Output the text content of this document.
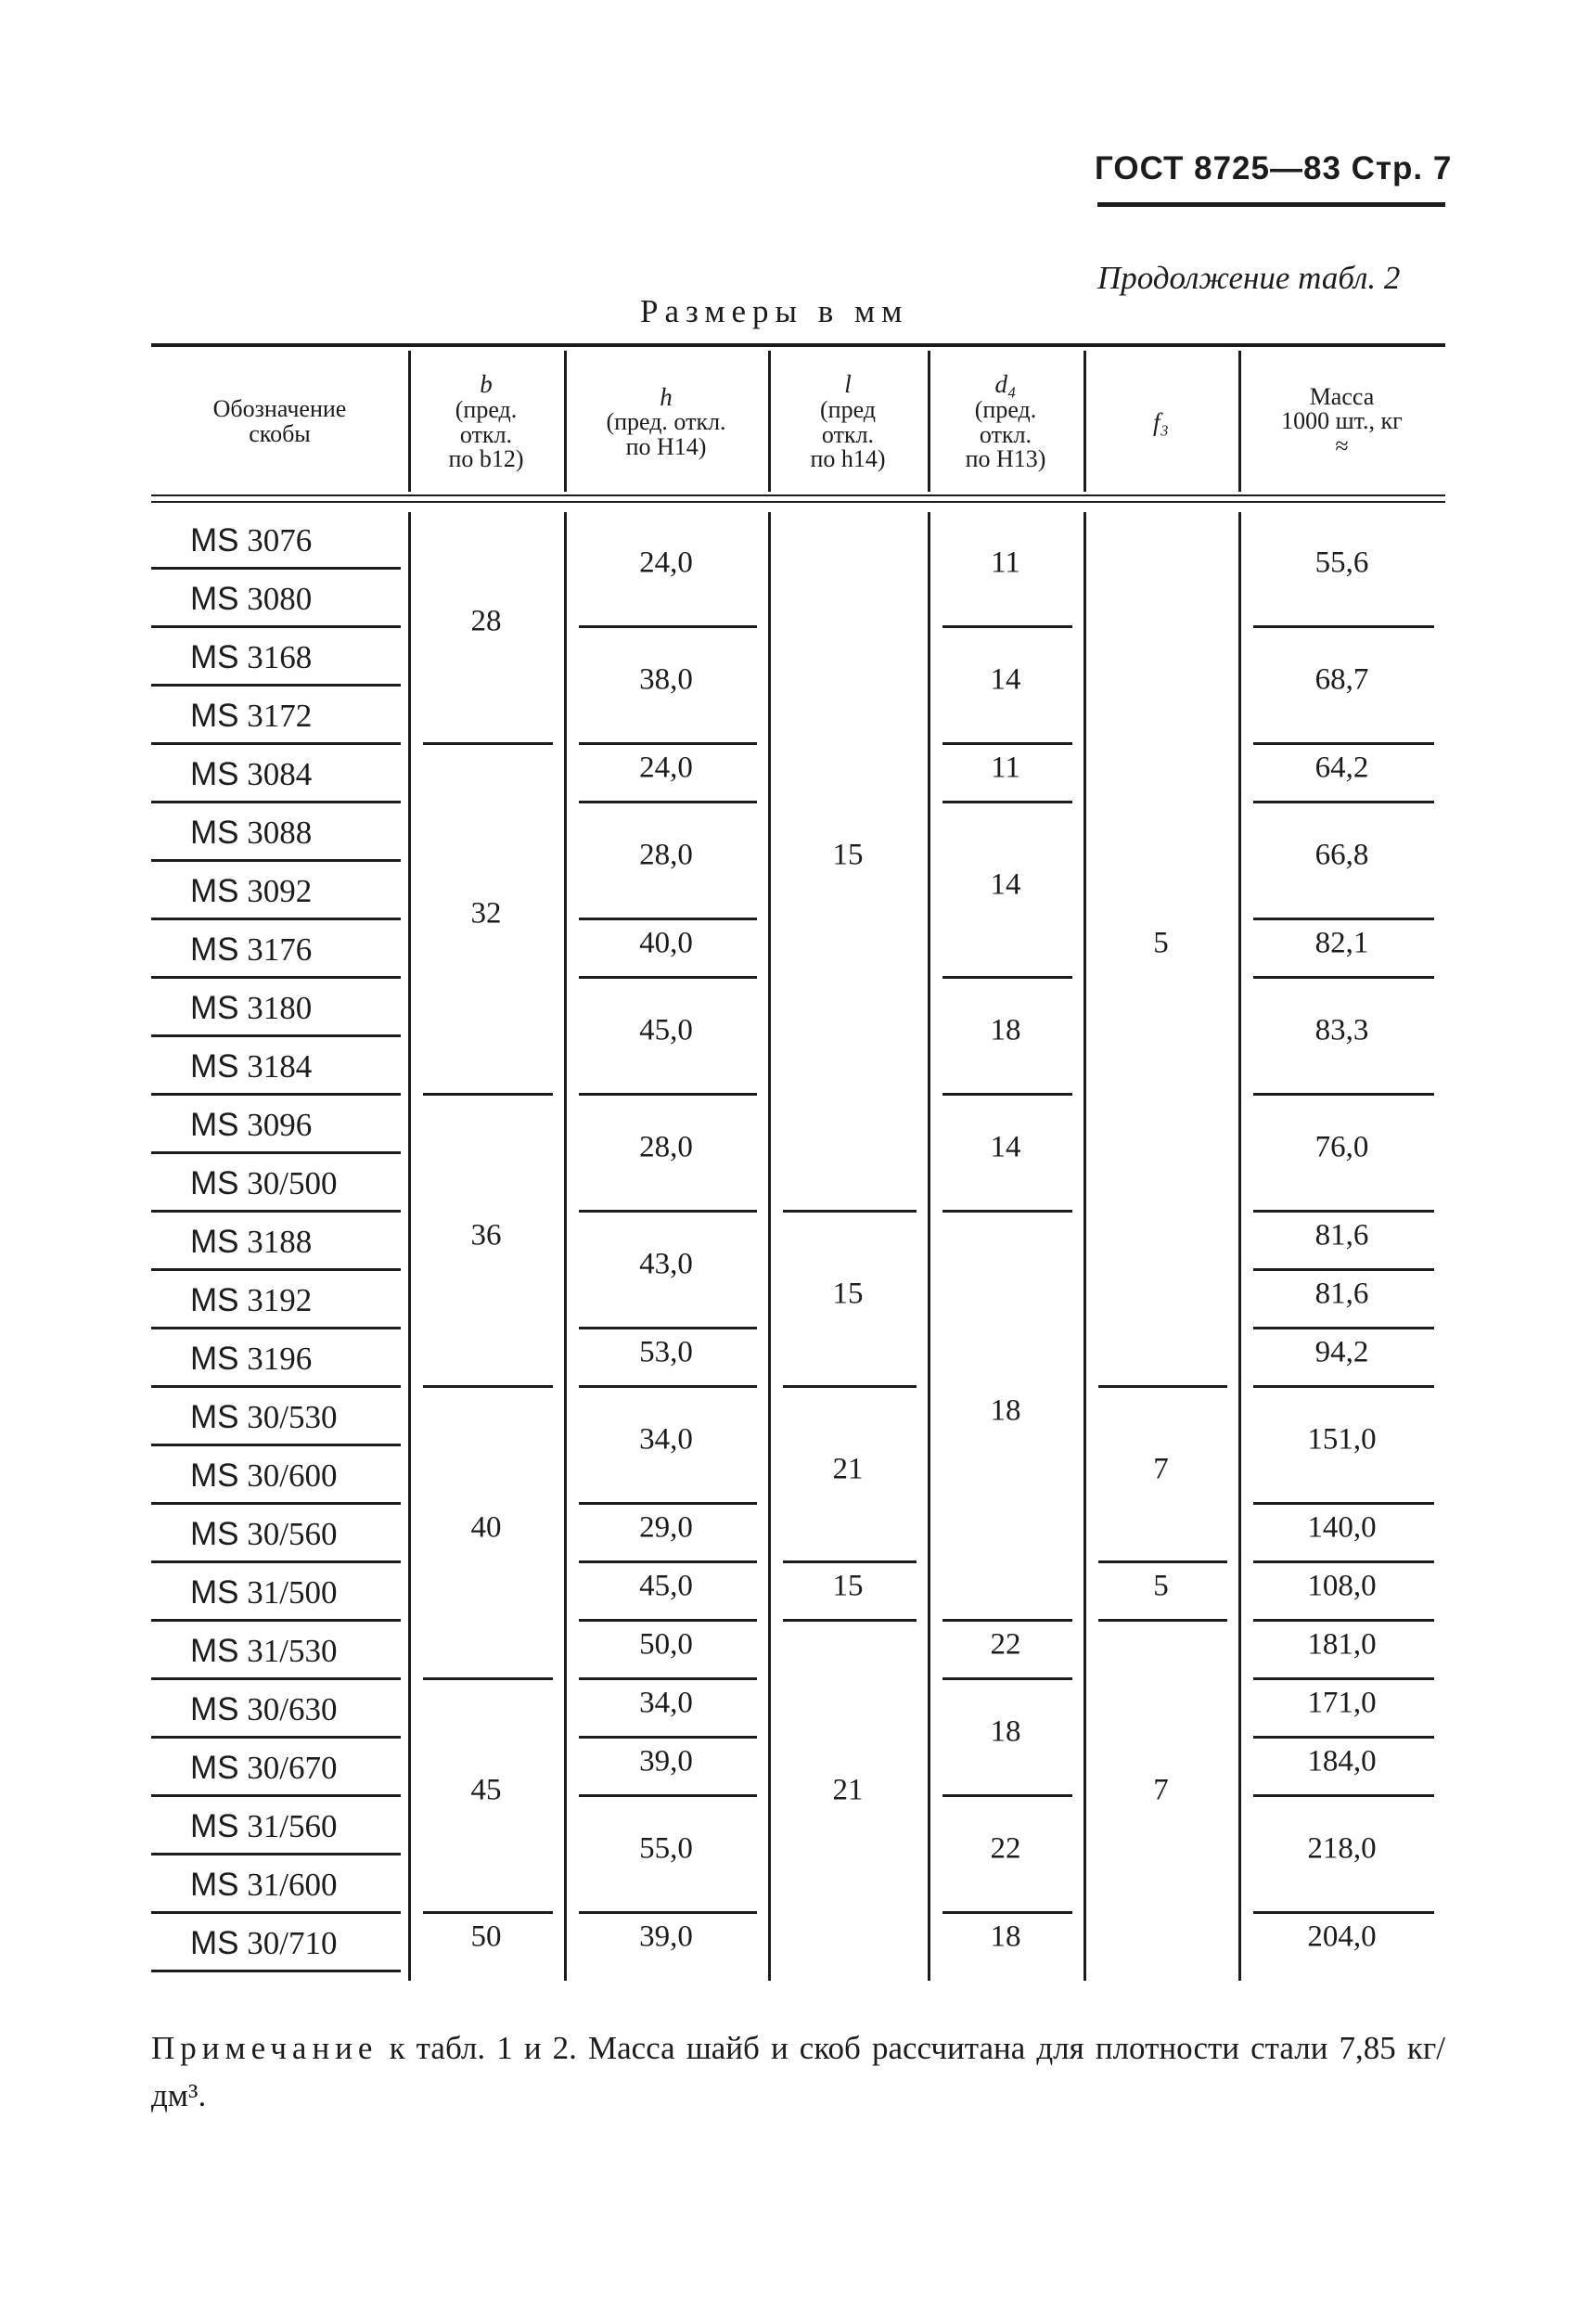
ГОСТ 8725—83 Стр. 7
Продолжение табл. 2
Размеры в мм
Обозначение
скобы
b
(пред.
откл.
по b12)
h
(пред. откл.
по H14)
l
(пред
откл.
по h14)
d₄
(пред.
откл.
по H13)
f₃
Масса
1000 шт., кг
≈
MS 3076
MS 3080
MS 3168
MS 3172
MS 3084
MS 3088
MS 3092
MS 3176
MS 3180
MS 3184
MS 3096
MS 30/500
MS 3188
MS 3192
MS 3196
MS 30/530
MS 30/600
MS 30/560
MS 31/500
MS 31/530
MS 30/630
MS 30/670
MS 31/560
MS 31/600
MS 30/710
28
32
36
40
45
50
24,0
38,0
24,0
28,0
40,0
45,0
28,0
43,0
53,0
34,0
29,0
45,0
50,0
34,0
39,0
55,0
39,0
15
15
21
15
21
11
14
11
14
18
14
18
22
18
22
18
5
7
5
7
55,6
68,7
64,2
66,8
82,1
83,3
76,0
81,6
81,6
94,2
151,0
140,0
108,0
181,0
171,0
184,0
218,0
204,0
Примечание к табл. 1 и 2. Масса шайб и скоб рассчитана для плотности стали 7,85 кг/дм³.
